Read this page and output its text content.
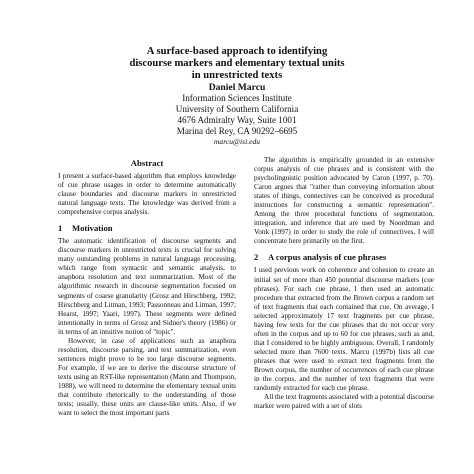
A surface-based approach to identifying
discourse markers and elementary textual units
in unrestricted texts
Daniel Marcu
Information Sciences Institute
University of Southern California
4676 Admiralty Way, Suite 1001
Marina del Rey, CA 90292–6695
marcu@isi.edu
Abstract

I present a surface-based algorithm that employs knowledge of cue phrase usages in order to determine automatically clause boundaries and discourse markers in unrestricted natural language texts. The knowledge was derived from a comprehensive corpus analysis.

1 Motivation

The automatic identification of discourse segments and discourse markers in unrestricted texts is crucial for solving many outstanding problems in natural language processing, which range from syntactic and semantic analysis, to anaphora resolution and text summarization. Most of the algorithmic research in discourse segmentation focused on segments of coarse granularity (Grosz and Hirschberg, 1992; Hirschberg and Litman, 1993; Passonneau and Litman, 1997; Hearst, 1997; Yaari, 1997). These segments were defined intentionally in terms of Grosz and Sidner's theory (1986) or in terms of an intuitive notion of "topic".

However, in case of applications such as anaphora resolution, discourse parsing, and text summarization, even sentences might prove to be too large discourse segments. For example, if we are to derive the discourse structure of texts using an RST-like representation (Mann and Thompson, 1988), we will need to determine the elementary textual units that contribute rhetorically to the understanding of those texts; usually, these units are clause-like units. Also, if we want to select the most important parts

The algorithm is empirically grounded in an extensive corpus analysis of cue phrases and is consistent with the psycholinguistic position advocated by Caron (1997, p. 70). Caron argues that "rather than conveying information about states of things, connectives can be conceived as procedural instructions for constructing a semantic representation". Among the three procedural functions of segmentation, integration, and inference that are used by Noordman and Vonk (1997) in order to study the role of connectives, I will concentrate here primarily on the first.

2 A corpus analysis of cue phrases

I used previous work on coherence and cohesion to create an initial set of more than 450 potential discourse markers (cue phrases). For each cue phrase, I then used an automatic procedure that extracted from the Brown corpus a random set of text fragments that each contained that cue. On average, I selected approximately 17 text fragments per cue phrase, having few texts for the cue phrases that do not occur very often in the corpus and up to 60 for cue phrases, such as and, that I considered to be highly ambiguous. Overall, I randomly selected more than 7600 texts. Marcu (1997b) lists all cue phrases that were used to extract text fragments from the Brown corpus, the number of occurrences of each cue phrase in the corpus, and the number of text fragments that were randomly extracted for each cue phrase.

All the text fragments associated with a potential discourse marker were paired with a set of slots
